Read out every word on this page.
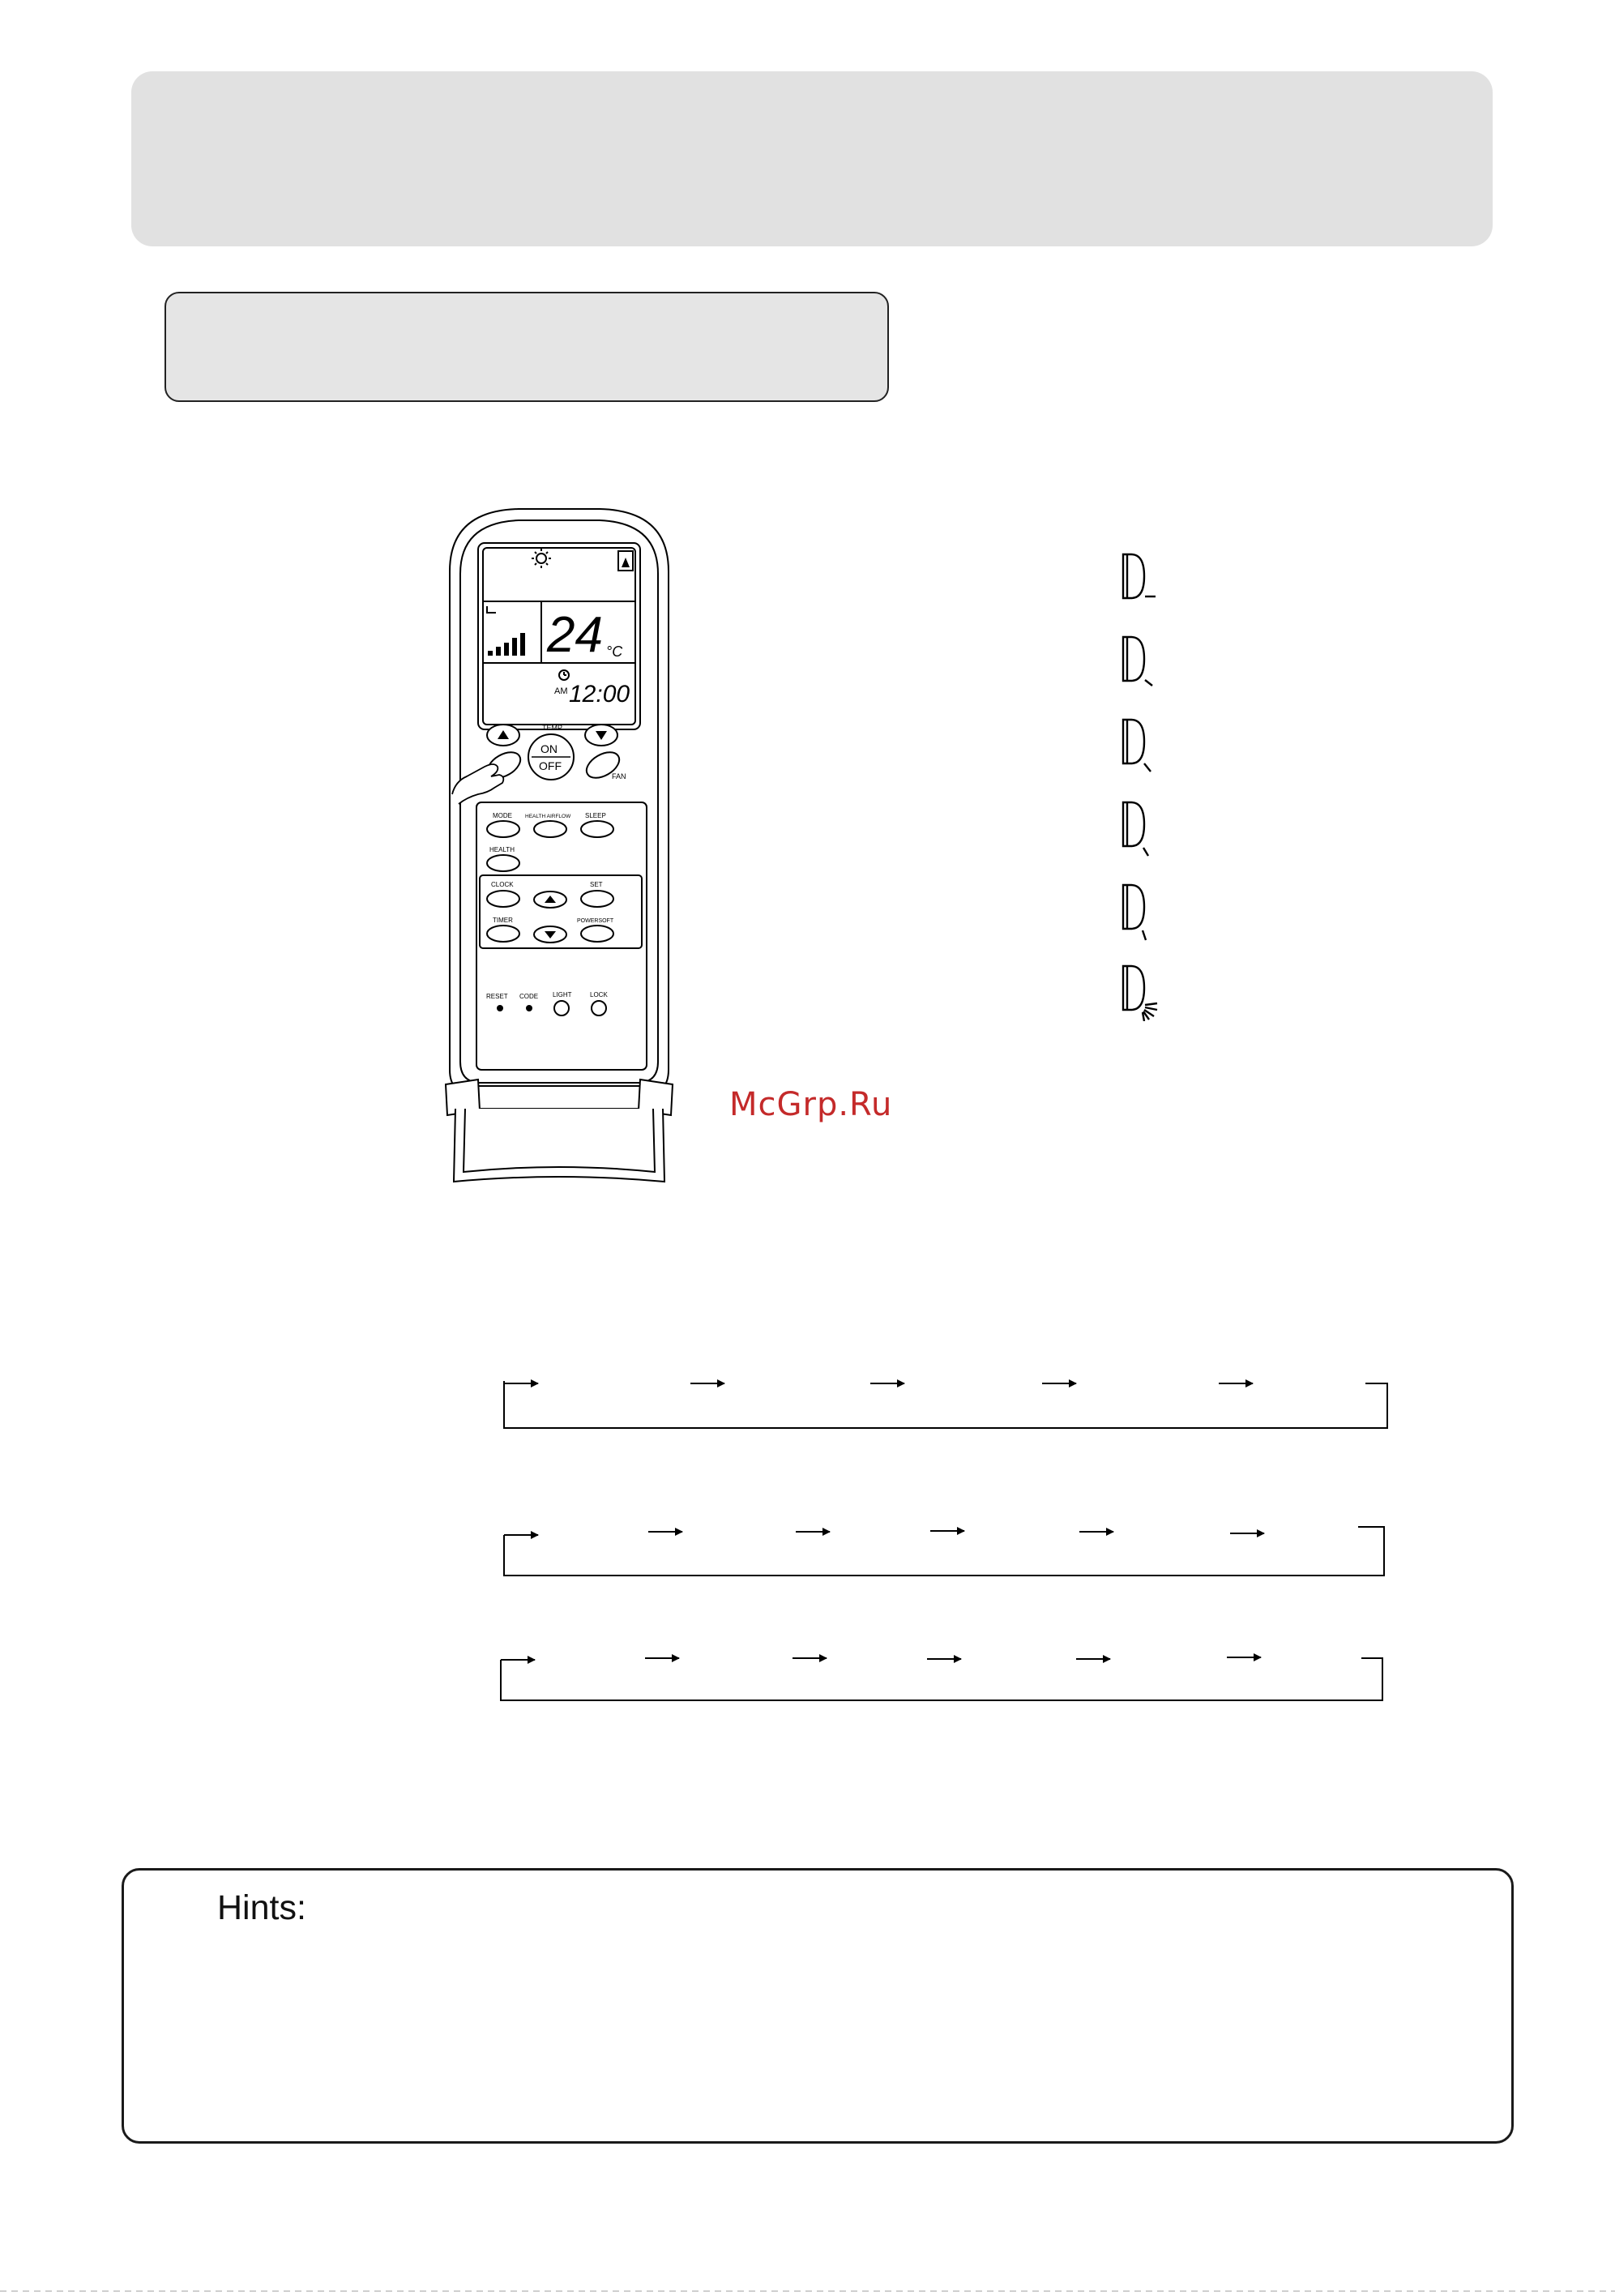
24 °C
AM 12:00
TEMP
ON
OFF
FAN
MODE HEALTH AIRFLOW SLEEP
HEALTH
CLOCK	SET
TIMER	POWERSOFT
RESET CODE LIGHT	LOCK
McGrp.Ru
Hints:
